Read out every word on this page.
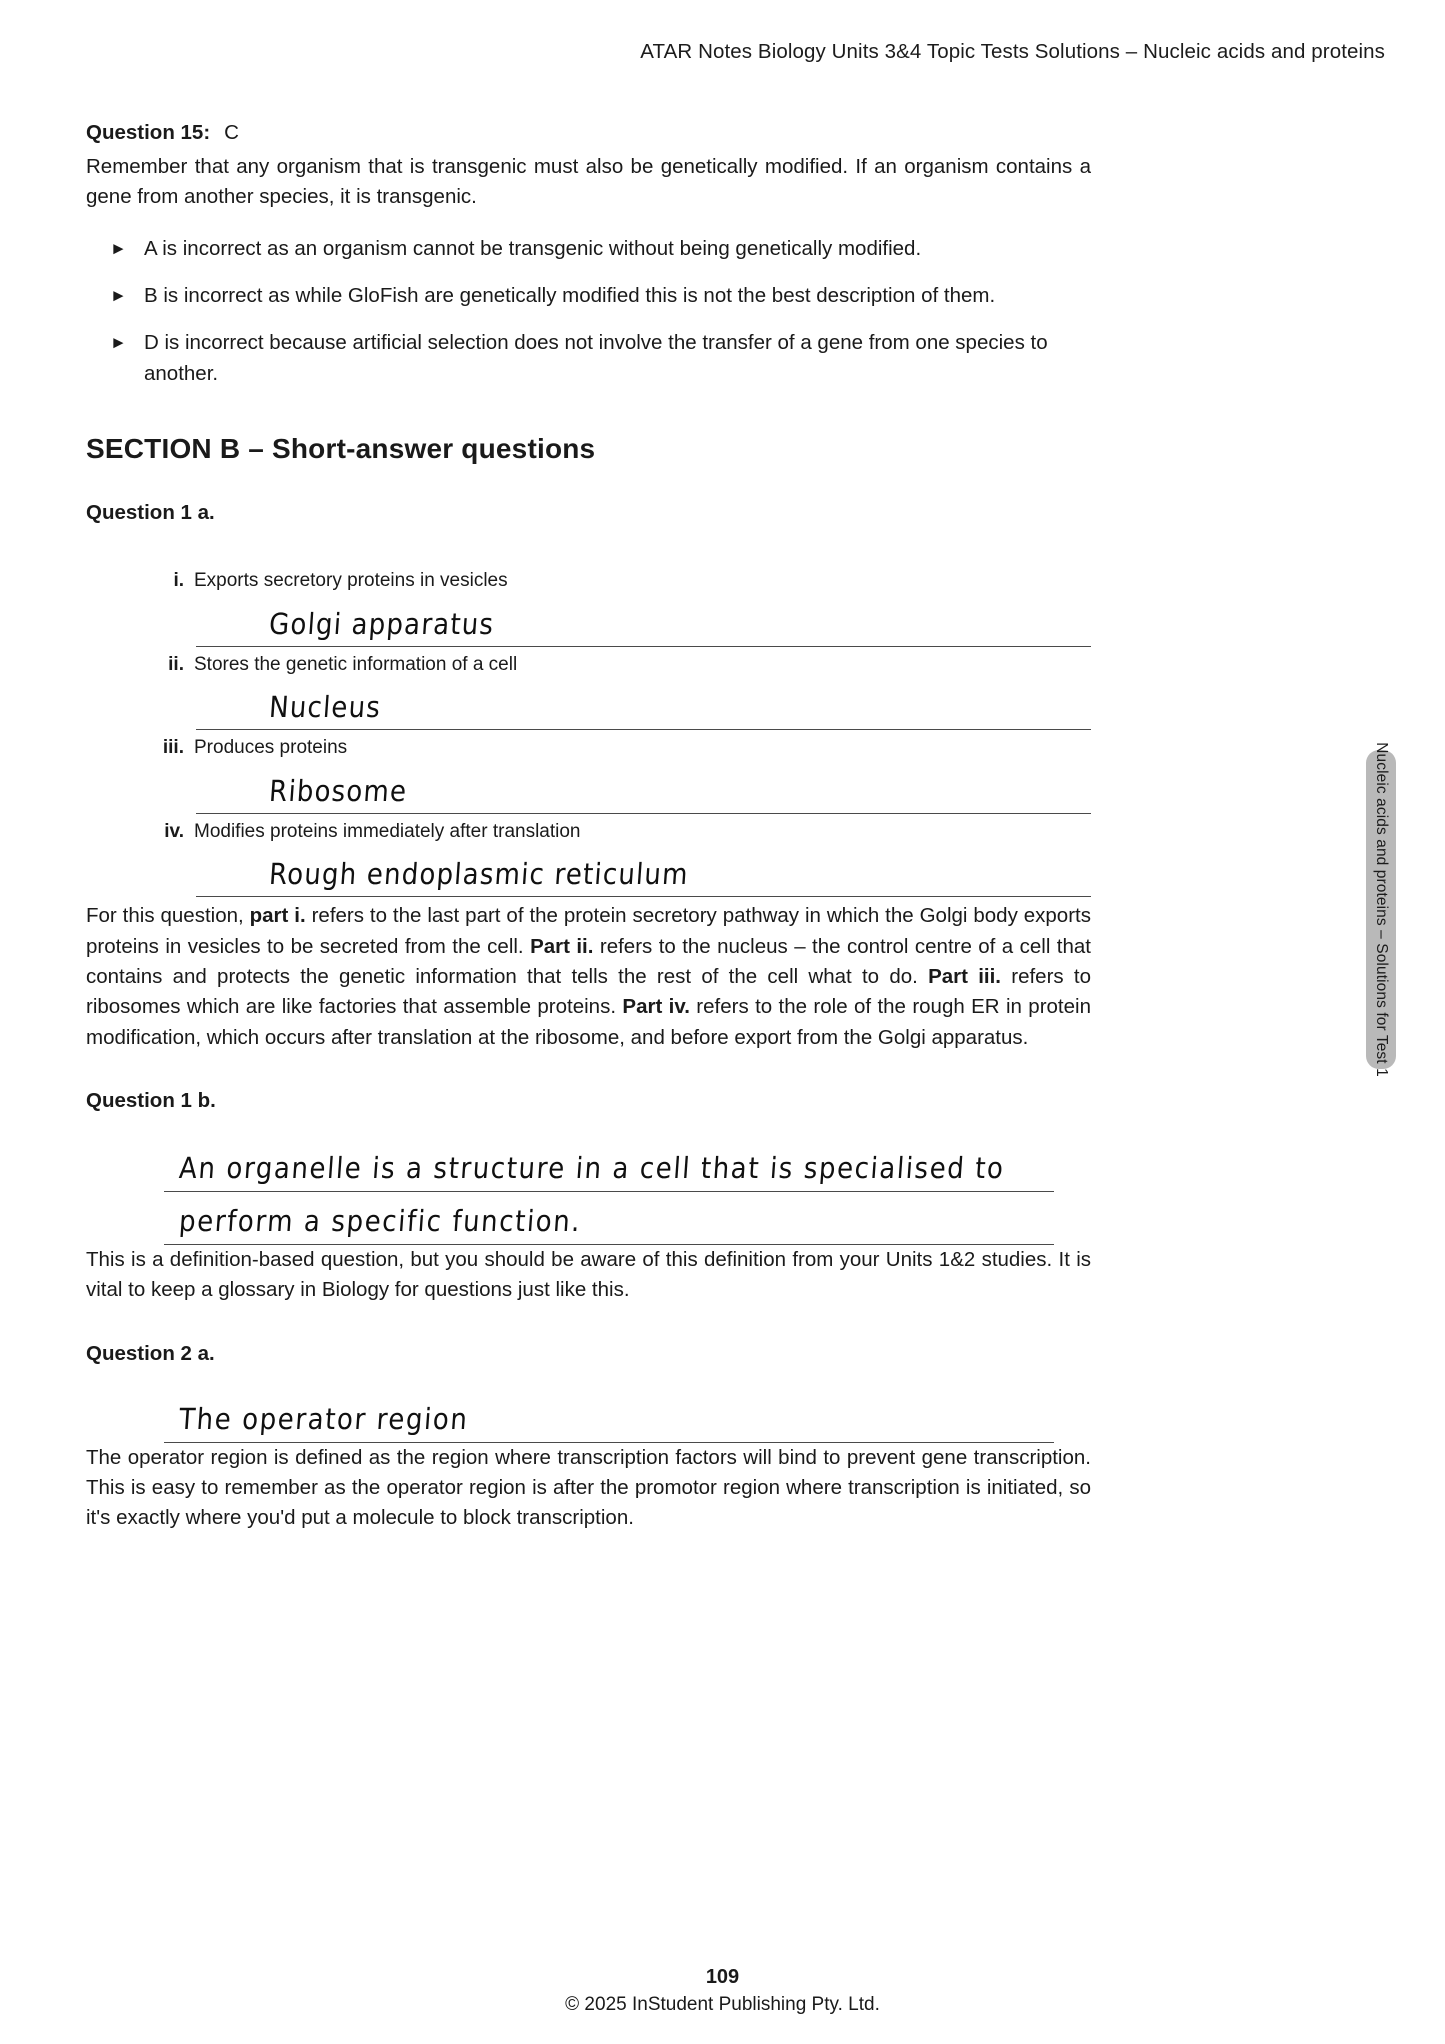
ATAR Notes Biology Units 3&4 Topic Tests Solutions – Nucleic acids and proteins
Question 15: C

Remember that any organism that is transgenic must also be genetically modified. If an organism contains a gene from another species, it is transgenic.

► A is incorrect as an organism cannot be transgenic without being genetically modified.
► B is incorrect as while GloFish are genetically modified this is not the best description of them.
► D is incorrect because artificial selection does not involve the transfer of a gene from one species to another.
SECTION B – Short-answer questions
Question 1 a.
i. Exports secretory proteins in vesicles
Golgi apparatus
ii. Stores the genetic information of a cell
Nucleus
iii. Produces proteins
Ribosome
iv. Modifies proteins immediately after translation
Rough endoplasmic reticulum

For this question, part i. refers to the last part of the protein secretory pathway in which the Golgi body exports proteins in vesicles to be secreted from the cell. Part ii. refers to the nucleus – the control centre of a cell that contains and protects the genetic information that tells the rest of the cell what to do. Part iii. refers to ribosomes which are like factories that assemble proteins. Part iv. refers to the role of the rough ER in protein modification, which occurs after translation at the ribosome, and before export from the Golgi apparatus.

Question 1 b.
An organelle is a structure in a cell that is specialised to
perform a specific function.

This is a definition-based question, but you should be aware of this definition from your Units 1&2 studies. It is vital to keep a glossary in Biology for questions just like this.

Question 2 a.
The operator region

The operator region is defined as the region where transcription factors will bind to prevent gene transcription. This is easy to remember as the operator region is after the promotor region where transcription is initiated, so it's exactly where you'd put a molecule to block transcription.

Nucleic acids and proteins – Solutions for Test 1
109
© 2025 InStudent Publishing Pty. Ltd.
